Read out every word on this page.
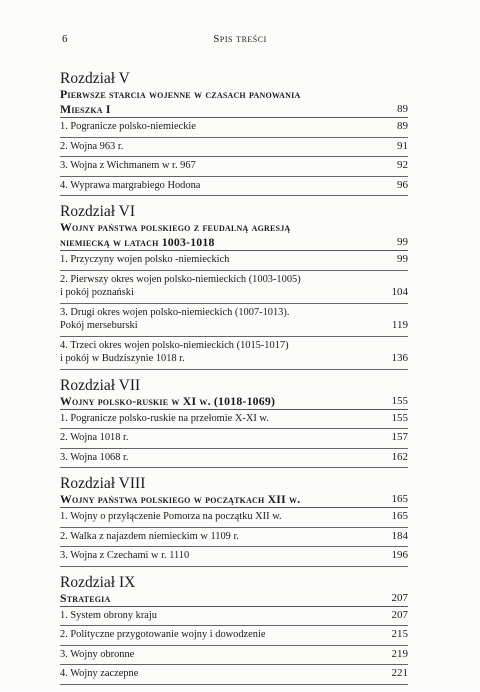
6	Spis treści
Rozdział V
Pierwsze starcia wojenne w czasach panowania
Mieszka I	89
1. Pogranicze polsko-niemieckie	89
2. Wojna 963 r.	91
3. Wojna z Wichmanem w r. 967	92
4. Wyprawa margrabiego Hodona	96
Rozdział VI
Wojny państwa polskiego z feudalną agresją
niemiecką w latach 1003-1018	99
1. Przyczyny wojen polsko -niemieckich	99
2. Pierwszy okres wojen polsko-niemieckich (1003-1005)
i pokój poznański	104
3. Drugi okres wojen polsko-niemieckich (1007-1013).
Pokój merseburski	119
4. Trzeci okres wojen polsko-niemieckich (1015-1017)
i pokój w Budziszynie 1018 r.	136
Rozdział VII
Wojny polsko-ruskie w XI w. (1018-1069)	155
1. Pogranicze polsko-ruskie na przełomie X-XI w.	155
2. Wojna 1018 r.	157
3. Wojna 1068 r.	162
Rozdział VIII
Wojny państwa polskiego w początkach XII w.	165
1. Wojny o przyłączenie Pomorza na początku XII w.	165
2. Walka z najazdem niemieckim w 1109 r.	184
3. Wojna z Czechami w r. 1110	196
Rozdział IX
Strategia	207
1. System obrony kraju	207
2. Polityczne przygotowanie wojny i dowodzenie	215
3. Wojny obronne	219
4. Wojny zaczepne	221
